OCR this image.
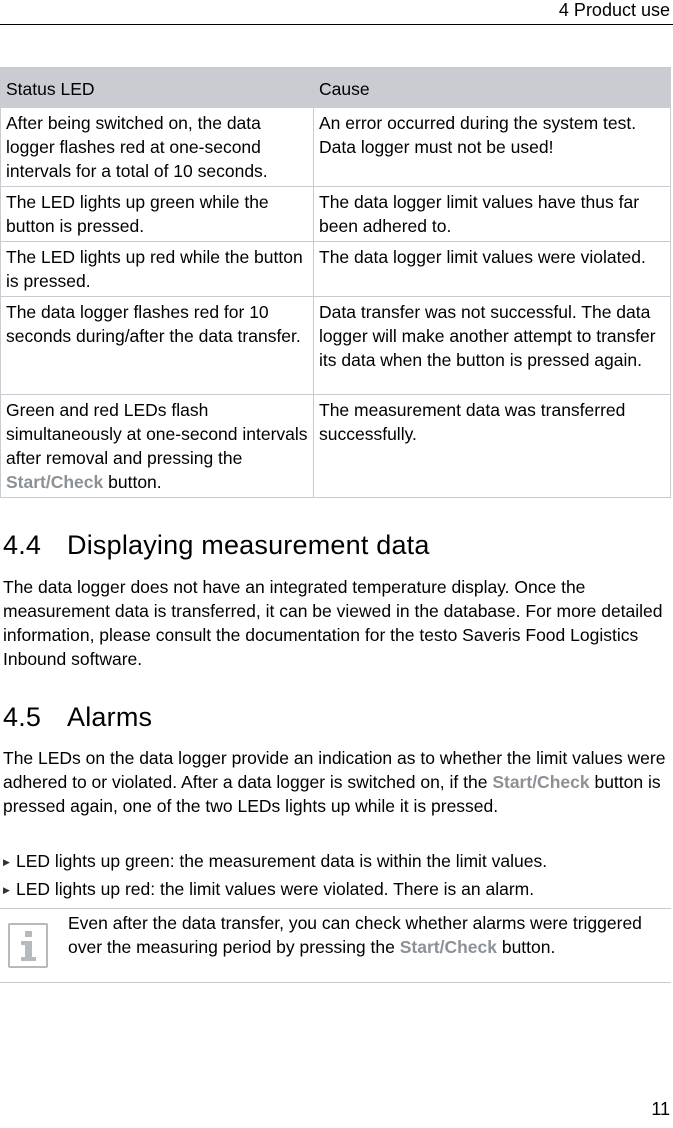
4 Product use
Status LED	Cause
After being switched on, the data logger flashes red at one-second intervals for a total of 10 seconds.	An error occurred during the system test. Data logger must not be used!
The LED lights up green while the button is pressed.	The data logger limit values have thus far been adhered to.
The LED lights up red while the button is pressed.	The data logger limit values were violated.
The data logger flashes red for 10 seconds during/after the data transfer.	Data transfer was not successful. The data logger will make another attempt to transfer its data when the button is pressed again.
Green and red LEDs flash simultaneously at one-second intervals after removal and pressing the Start/Check button.	The measurement data was transferred successfully.
4.4 Displaying measurement data

The data logger does not have an integrated temperature display. Once the measurement data is transferred, it can be viewed in the database. For more detailed information, please consult the documentation for the testo Saveris Food Logistics Inbound software.

4.5 Alarms

The LEDs on the data logger provide an indication as to whether the limit values were adhered to or violated. After a data logger is switched on, if the Start/Check button is pressed again, one of the two LEDs lights up while it is pressed.

▶ LED lights up green: the measurement data is within the limit values.
▶ LED lights up red: the limit values were violated. There is an alarm.
Even after the data transfer, you can check whether alarms were triggered over the measuring period by pressing the Start/Check button.
11
